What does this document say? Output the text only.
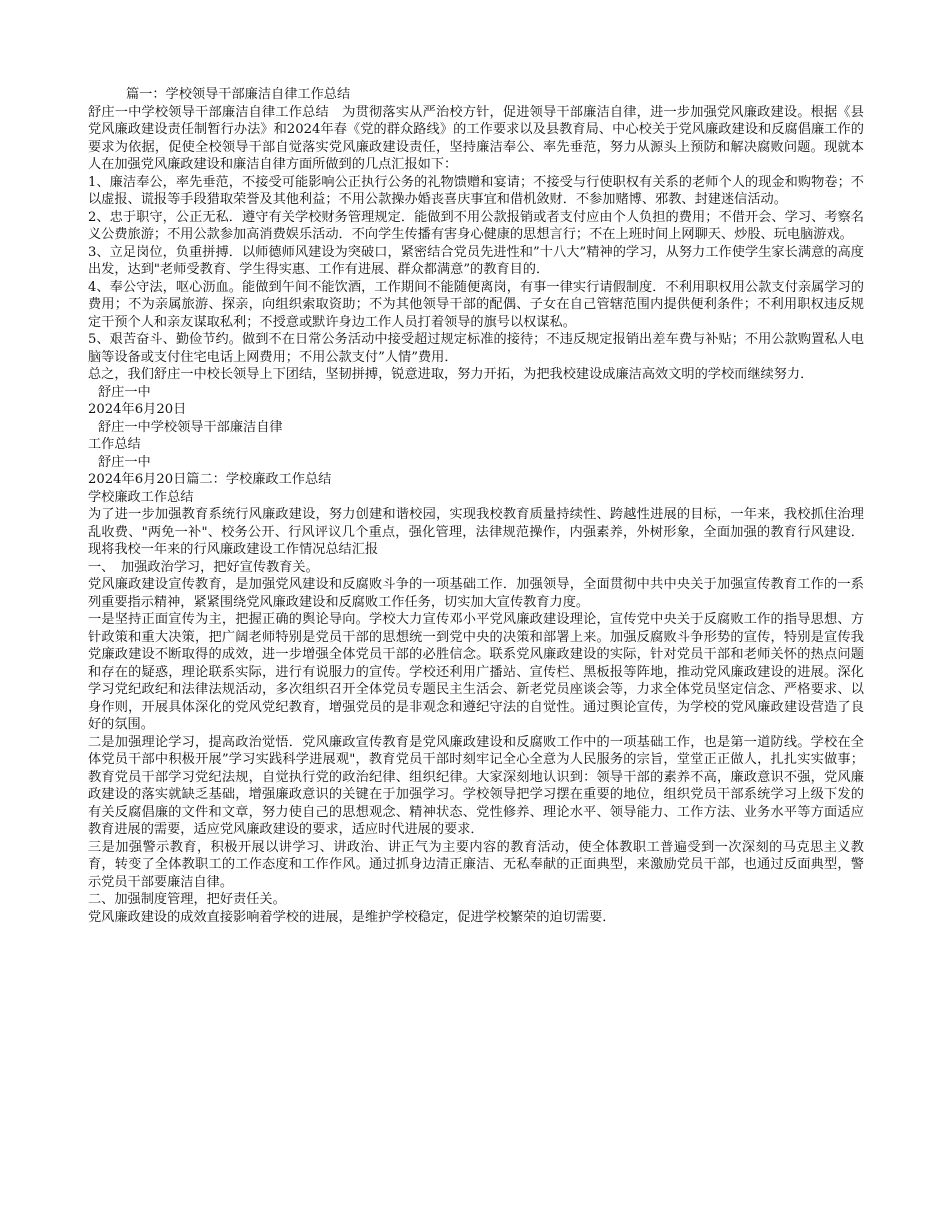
篇一：学校领导干部廉洁自律工作总结

舒庄一中学校领导干部廉洁自律工作总结　为贯彻落实从严治校方针，促进领导干部廉洁自律，进一步加强党风廉政建设。根据《县党风廉政建设责任制暂行办法》和2024年春《党的群众路线》的工作要求以及县教育局、中心校关于党风廉政建设和反腐倡廉工作的要求为依据，促使全校领导干部自觉落实党风廉政建设责任，坚持廉洁奉公、率先垂范，努力从源头上预防和解决腐败问题。现就本人在加强党风廉政建设和廉洁自律方面所做到的几点汇报如下：

1、廉洁奉公，率先垂范，不接受可能影响公正执行公务的礼物馈赠和宴请；不接受与行使职权有关系的老师个人的现金和购物卷；不以虚报、谎报等手段猎取荣誉及其他利益；不用公款操办婚丧喜庆事宜和借机敛财．不参加赌博、邪教、封建迷信活动。

2、忠于职守，公正无私．遵守有关学校财务管理规定．能做到不用公款报销或者支付应由个人负担的费用；不借开会、学习、考察名义公费旅游；不用公款参加高消费娱乐活动．不向学生传播有害身心健康的思想言行；不在上班时间上网聊天、炒股、玩电脑游戏。

3、立足岗位，负重拼搏．以师德师风建设为突破口，紧密结合党员先进性和”十八大”精神的学习，从努力工作使学生家长满意的高度出发，达到"老师受教育、学生得实惠、工作有进展、群众都满意”的教育目的．

4、奉公守法，呕心沥血。能做到午间不能饮酒，工作期间不能随便离岗，有事一律实行请假制度．不利用职权用公款支付亲属学习的费用；不为亲属旅游、探亲，向组织索取资助；不为其他领导干部的配偶、子女在自己管辖范围内提供便利条件；不利用职权违反规定干预个人和亲友谋取私利；不授意或默许身边工作人员打着领导的旗号以权谋私。

5、艰苦奋斗、勤俭节约。做到不在日常公务活动中接受超过规定标准的接待；不违反规定报销出差车费与补贴；不用公款购置私人电脑等设备或支付住宅电话上网费用；不用公款支付”人情”费用．

总之，我们舒庄一中校长领导上下团结，坚韧拼搏，锐意进取，努力开拓，为把我校建设成廉洁高效文明的学校而继续努力．

舒庄一中

2024年6月20日

舒庄一中学校领导干部廉洁自律

工作总结

舒庄一中

2024年6月20日篇二：学校廉政工作总结

学校廉政工作总结

为了进一步加强教育系统行风廉政建设，努力创建和谐校园，实现我校教育质量持续性、跨越性进展的目标，一年来，我校抓住治理乱收费、"两免一补"、校务公开、行风评议几个重点，强化管理，法律规范操作，内强素养，外树形象，全面加强的教育行风建设．现将我校一年来的行风廉政建设工作情况总结汇报

一、　加强政治学习，把好宣传教育关。

党风廉政建设宣传教育，是加强党风建设和反腐败斗争的一项基础工作．加强领导，全面贯彻中共中央关于加强宣传教育工作的一系列重要指示精神，紧紧围绕党风廉政建设和反腐败工作任务，切实加大宣传教育力度。

一是坚持正面宣传为主，把握正确的舆论导向。学校大力宣传邓小平党风廉政建设理论，宣传党中央关于反腐败工作的指导思想、方针政策和重大决策，把广阔老师特别是党员干部的思想统一到党中央的决策和部署上来。加强反腐败斗争形势的宣传，特别是宣传我党廉政建设不断取得的成效，进一步增强全体党员干部的必胜信念。联系党风廉政建设的实际，针对党员干部和老师关怀的热点问题和存在的疑惑，理论联系实际，进行有说服力的宣传。学校还利用广播站、宣传栏、黑板报等阵地，推动党风廉政建设的进展。深化学习党纪政纪和法律法规活动，多次组织召开全体党员专题民主生活会、新老党员座谈会等，力求全体党员坚定信念、严格要求、以身作则，开展具体深化的党风党纪教育，增强党员的是非观念和遵纪守法的自觉性。通过舆论宣传，为学校的党风廉政建设营造了良好的氛围。

二是加强理论学习，提高政治觉悟．党风廉政宣传教育是党风廉政建设和反腐败工作中的一项基础工作，也是第一道防线。学校在全体党员干部中积极开展”学习实践科学进展观"，教育党员干部时刻牢记全心全意为人民服务的宗旨，堂堂正正做人，扎扎实实做事；教育党员干部学习党纪法规，自觉执行党的政治纪律、组织纪律。大家深刻地认识到：领导干部的素养不高，廉政意识不强，党风廉政建设的落实就缺乏基础，增强廉政意识的关键在于加强学习。学校领导把学习摆在重要的地位，组织党员干部系统学习上级下发的有关反腐倡廉的文件和文章，努力使自己的思想观念、精神状态、党性修养、理论水平、领导能力、工作方法、业务水平等方面适应教育进展的需要，适应党风廉政建设的要求，适应时代进展的要求．

三是加强警示教育，积极开展以讲学习、讲政治、讲正气为主要内容的教育活动，使全体教职工普遍受到一次深刻的马克思主义教育，转变了全体教职工的工作态度和工作作风。通过抓身边清正廉洁、无私奉献的正面典型，来激励党员干部，也通过反面典型，警示党员干部要廉洁自律。

二、加强制度管理，把好责任关。

党风廉政建设的成效直接影响着学校的进展，是维护学校稳定，促进学校繁荣的迫切需要．
